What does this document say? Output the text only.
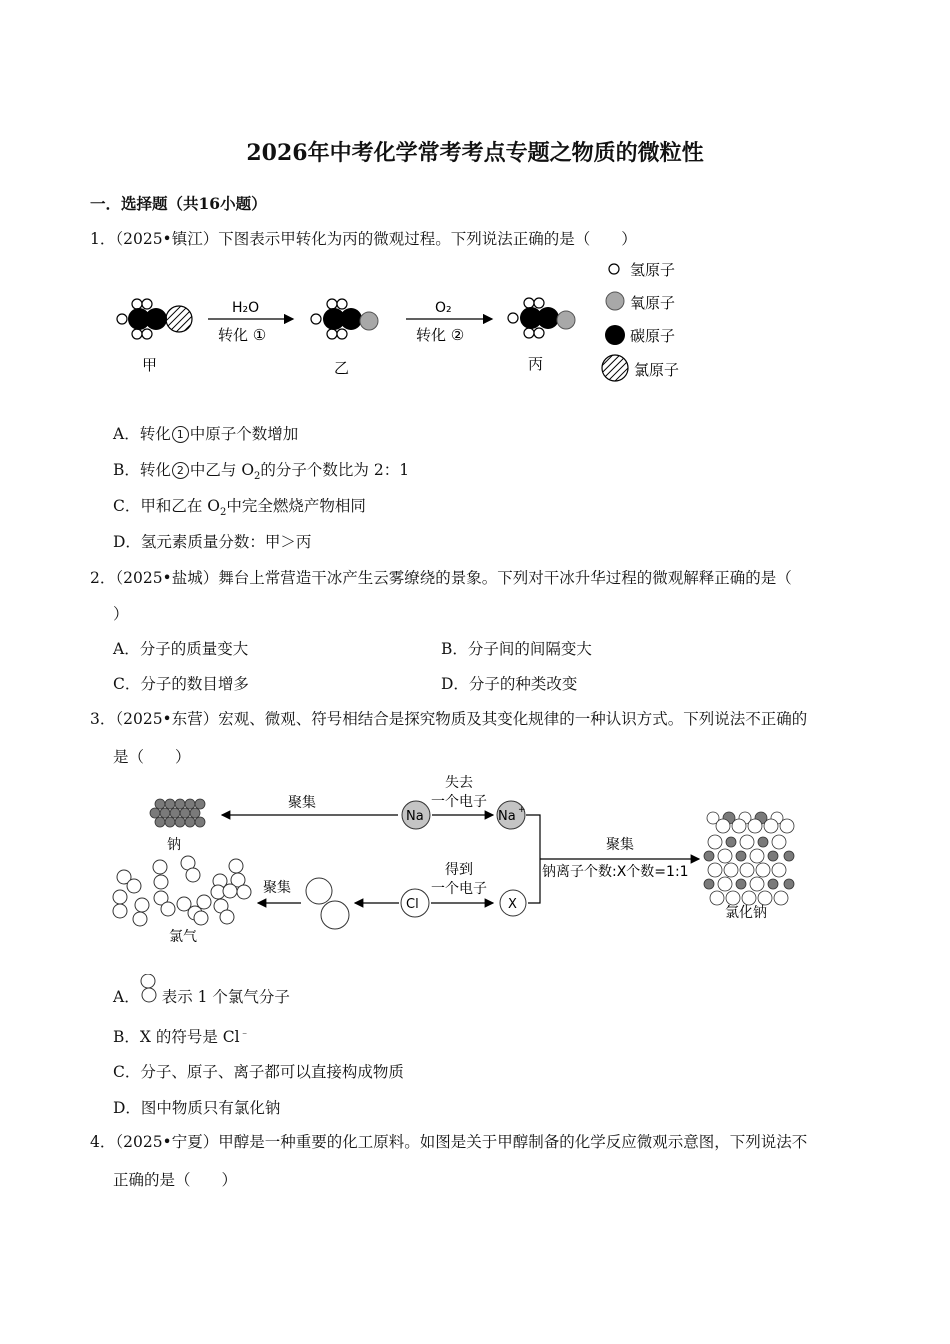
2026年中考化学常考考点专题之物质的微粒性
一．选择题（共16小题）
1．（2025•镇江）下图表示甲转化为丙的微观过程。下列说法正确的是（　　）
甲
H₂O
转化 ①
乙
O₂
转化 ②
丙
氢原子
氧原子
碳原子
氯原子
A．转化 1 中原子个数增加
B．转化 2 中乙与 $O_2$的分子个数比为 2：1
C．甲和乙在 $O_2$中完全燃烧产物相同
D．氢元素质量分数：甲＞丙
2．（2025•盐城）舞台上常营造干冰产生云雾缭绕的景象。下列对干冰升华过程的微观解释正确的是（
）
A．分子的质量变大	B．分子间的间隔变大
C．分子的数目增多	D．分子的种类改变
3．（2025•东营）宏观、微观、符号相结合是探究物质及其变化规律的一种认识方式。下列说法不正确的
是（　　）
钠
聚集
Na
失去
一个电子
Na +
聚集
钠离子个数:X个数=1:1
Cl
得到
一个电子
X
聚集
氯气
氯化钠
A． 表示 1 个氯气分子
B．X 的符号是 Cl﹣
C．分子、原子、离子都可以直接构成物质
D．图中物质只有氯化钠
4．（2025•宁夏）甲醇是一种重要的化工原料。如图是关于甲醇制备的化学反应微观示意图，下列说法不
正确的是（　　）
